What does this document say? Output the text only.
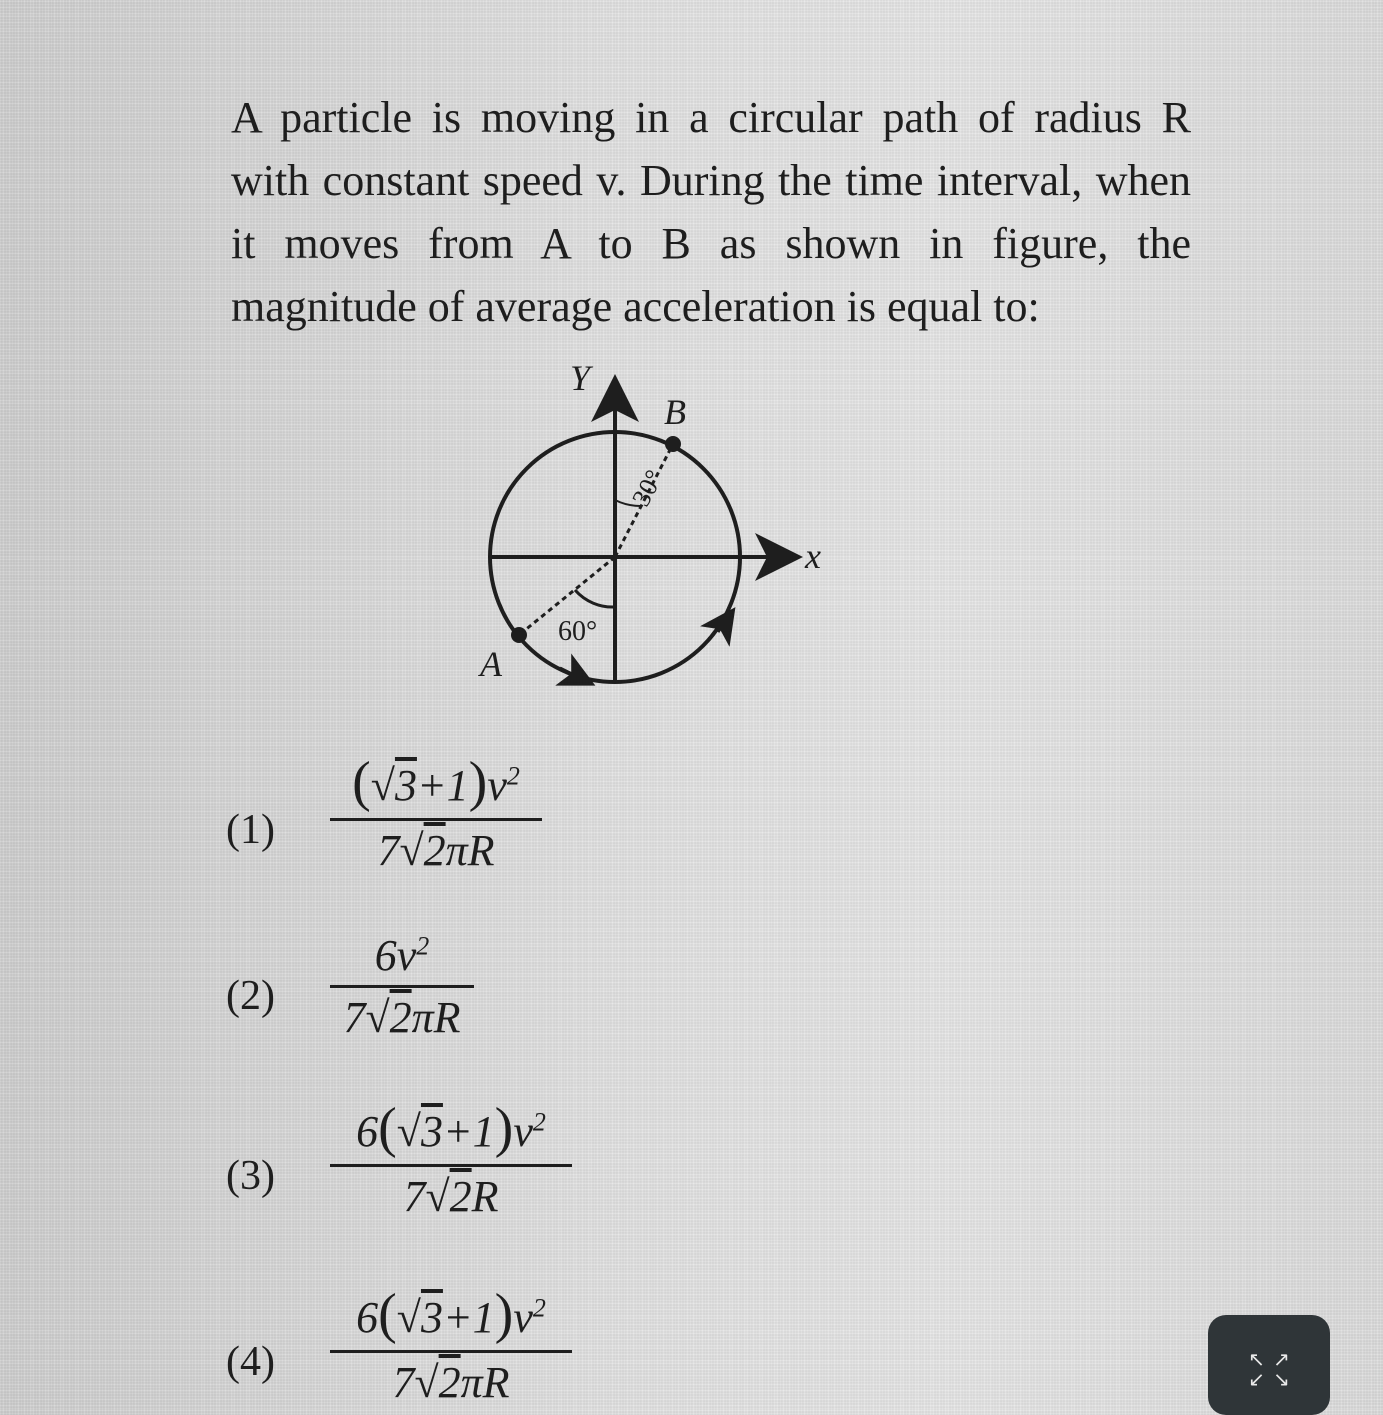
A particle is moving in a circular path of radius R with constant speed v. During the time interval, when it moves from A to B as shown in figure, the magnitude of average acceleration is equal to:
Y
x
B
A
30°
60°
(1)
$(√3+1)v^2$
7√2πR
(2)
$6v^2$
7√2πR
(3)
$6(√3+1)v^2$
7√2R
(4)
$6(√3+1)v^2$
7√2πR	↖ ↗
↙ ↘
